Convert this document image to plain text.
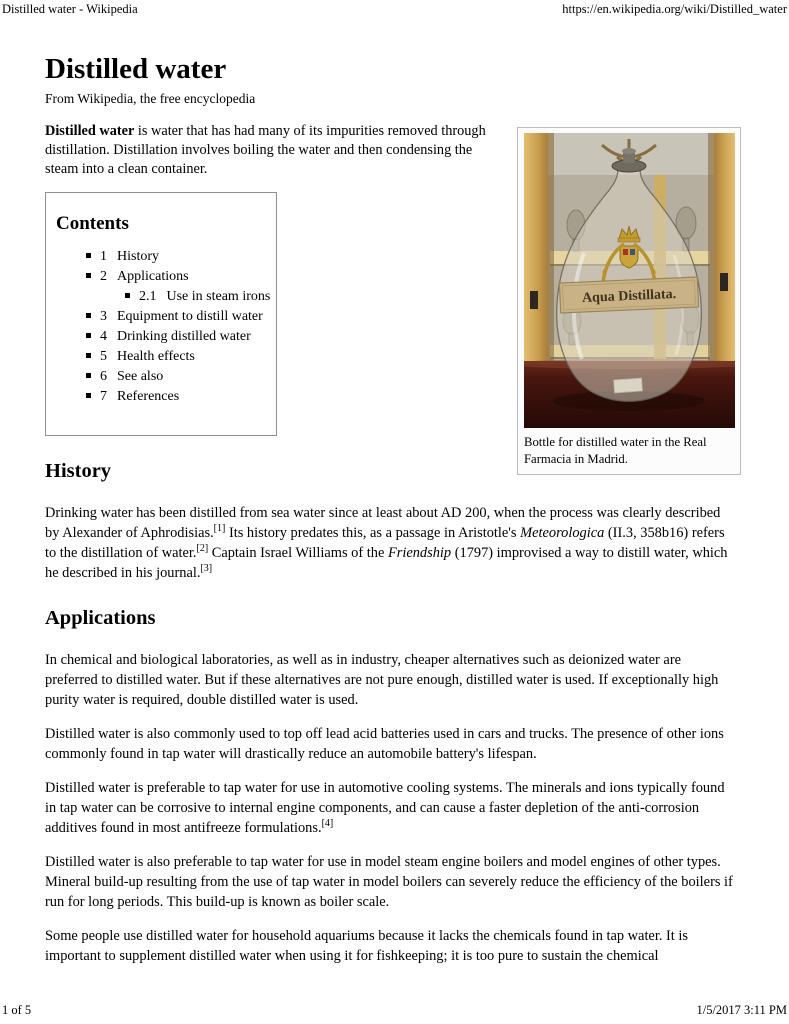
Distilled water - Wikipedia	https://en.wikipedia.org/wiki/Distilled_water
Distilled water
From Wikipedia, the free encyclopedia

Distilled water is water that has had many of its impurities removed through distillation. Distillation involves boiling the water and then condensing the steam into a clean container.

Contents
1 History
2 Applications
2.1 Use in steam irons
3 Equipment to distill water
4 Drinking distilled water
5 Health effects
6 See also
7 References
History

Drinking water has been distilled from sea water since at least about AD 200, when the process was clearly described by Alexander of Aphrodisias.[1] Its history predates this, as a passage in Aristotle's Meteorologica (II.3, 358b16) refers to the distillation of water.[2] Captain Israel Williams of the Friendship (1797) improvised a way to distill water, which he described in his journal.[3]

Applications

In chemical and biological laboratories, as well as in industry, cheaper alternatives such as deionized water are preferred to distilled water. But if these alternatives are not pure enough, distilled water is used. If exceptionally high purity water is required, double distilled water is used.

Distilled water is also commonly used to top off lead acid batteries used in cars and trucks. The presence of other ions commonly found in tap water will drastically reduce an automobile battery's lifespan.

Distilled water is preferable to tap water for use in automotive cooling systems. The minerals and ions typically found in tap water can be corrosive to internal engine components, and can cause a faster depletion of the anti-corrosion additives found in most antifreeze formulations.[4]

Distilled water is also preferable to tap water for use in model steam engine boilers and model engines of other types. Mineral build-up resulting from the use of tap water in model boilers can severely reduce the efficiency of the boilers if run for long periods. This build-up is known as boiler scale.

Some people use distilled water for household aquariums because it lacks the chemicals found in tap water. It is important to supplement distilled water when using it for fishkeeping; it is too pure to sustain the chemical

Aqua Distillata.
Bottle for distilled water in the Real Farmacia in Madrid.
1 of 5	1/5/2017 3:11 PM
